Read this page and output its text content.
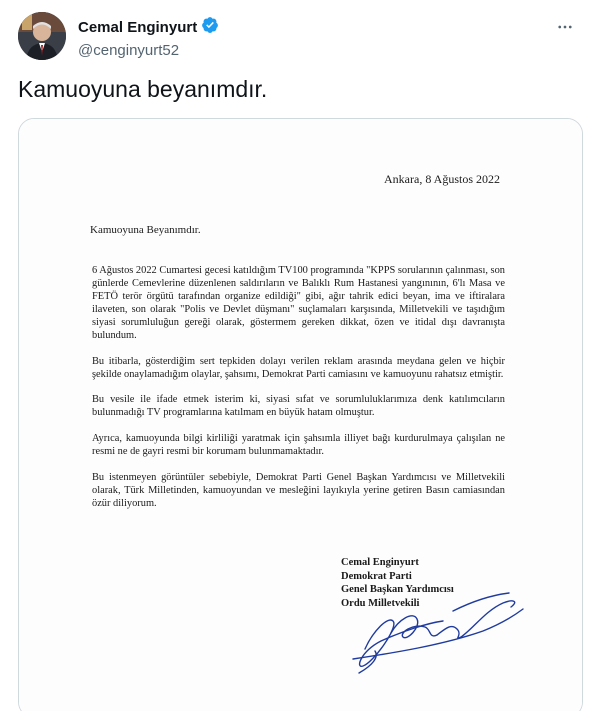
Cemal Enginyurt
@cenginyurt52
Kamuoyuna beyanımdır.
Ankara, 8 Ağustos 2022
Kamuoyuna Beyanımdır.

6 Ağustos 2022 Cumartesi gecesi katıldığım TV100 programında "KPPS sorularının çalınması, son günlerde Cemevlerine düzenlenen saldırıların ve Balıklı Rum Hastanesi yangınının, 6'lı Masa ve FETÖ terör örgütü tarafından organize edildiği" gibi, ağır tahrik edici beyan, ima ve iftiralara ilaveten, son olarak "Polis ve Devlet düşmanı" suçlamaları karşısında, Milletvekili ve taşıdığım siyasi sorumluluğun gereği olarak, göstermem gereken dikkat, özen ve itidal dışı davranışta bulundum.

Bu itibarla, gösterdiğim sert tepkiden dolayı verilen reklam arasında meydana gelen ve hiçbir şekilde onaylamadığım olaylar, şahsımı, Demokrat Parti camiasını ve kamuoyunu rahatsız etmiştir.

Bu vesile ile ifade etmek isterim ki, siyasi sıfat ve sorumluluklarımıza denk katılımcıların bulunmadığı TV programlarına katılmam en büyük hatam olmuştur.

Ayrıca, kamuoyunda bilgi kirliliği yaratmak için şahsımla illiyet bağı kurdurulmaya çalışılan ne resmi ne de gayri resmi bir korumam bulunmamaktadır.

Bu istenmeyen görüntüler sebebiyle, Demokrat Parti Genel Başkan Yardımcısı ve Milletvekili olarak, Türk Milletinden, kamuoyundan ve mesleğini layıkıyla yerine getiren Basın camiasından özür diliyorum.

Cemal Enginyurt
Demokrat Parti
Genel Başkan Yardımcısı
Ordu Milletvekili
